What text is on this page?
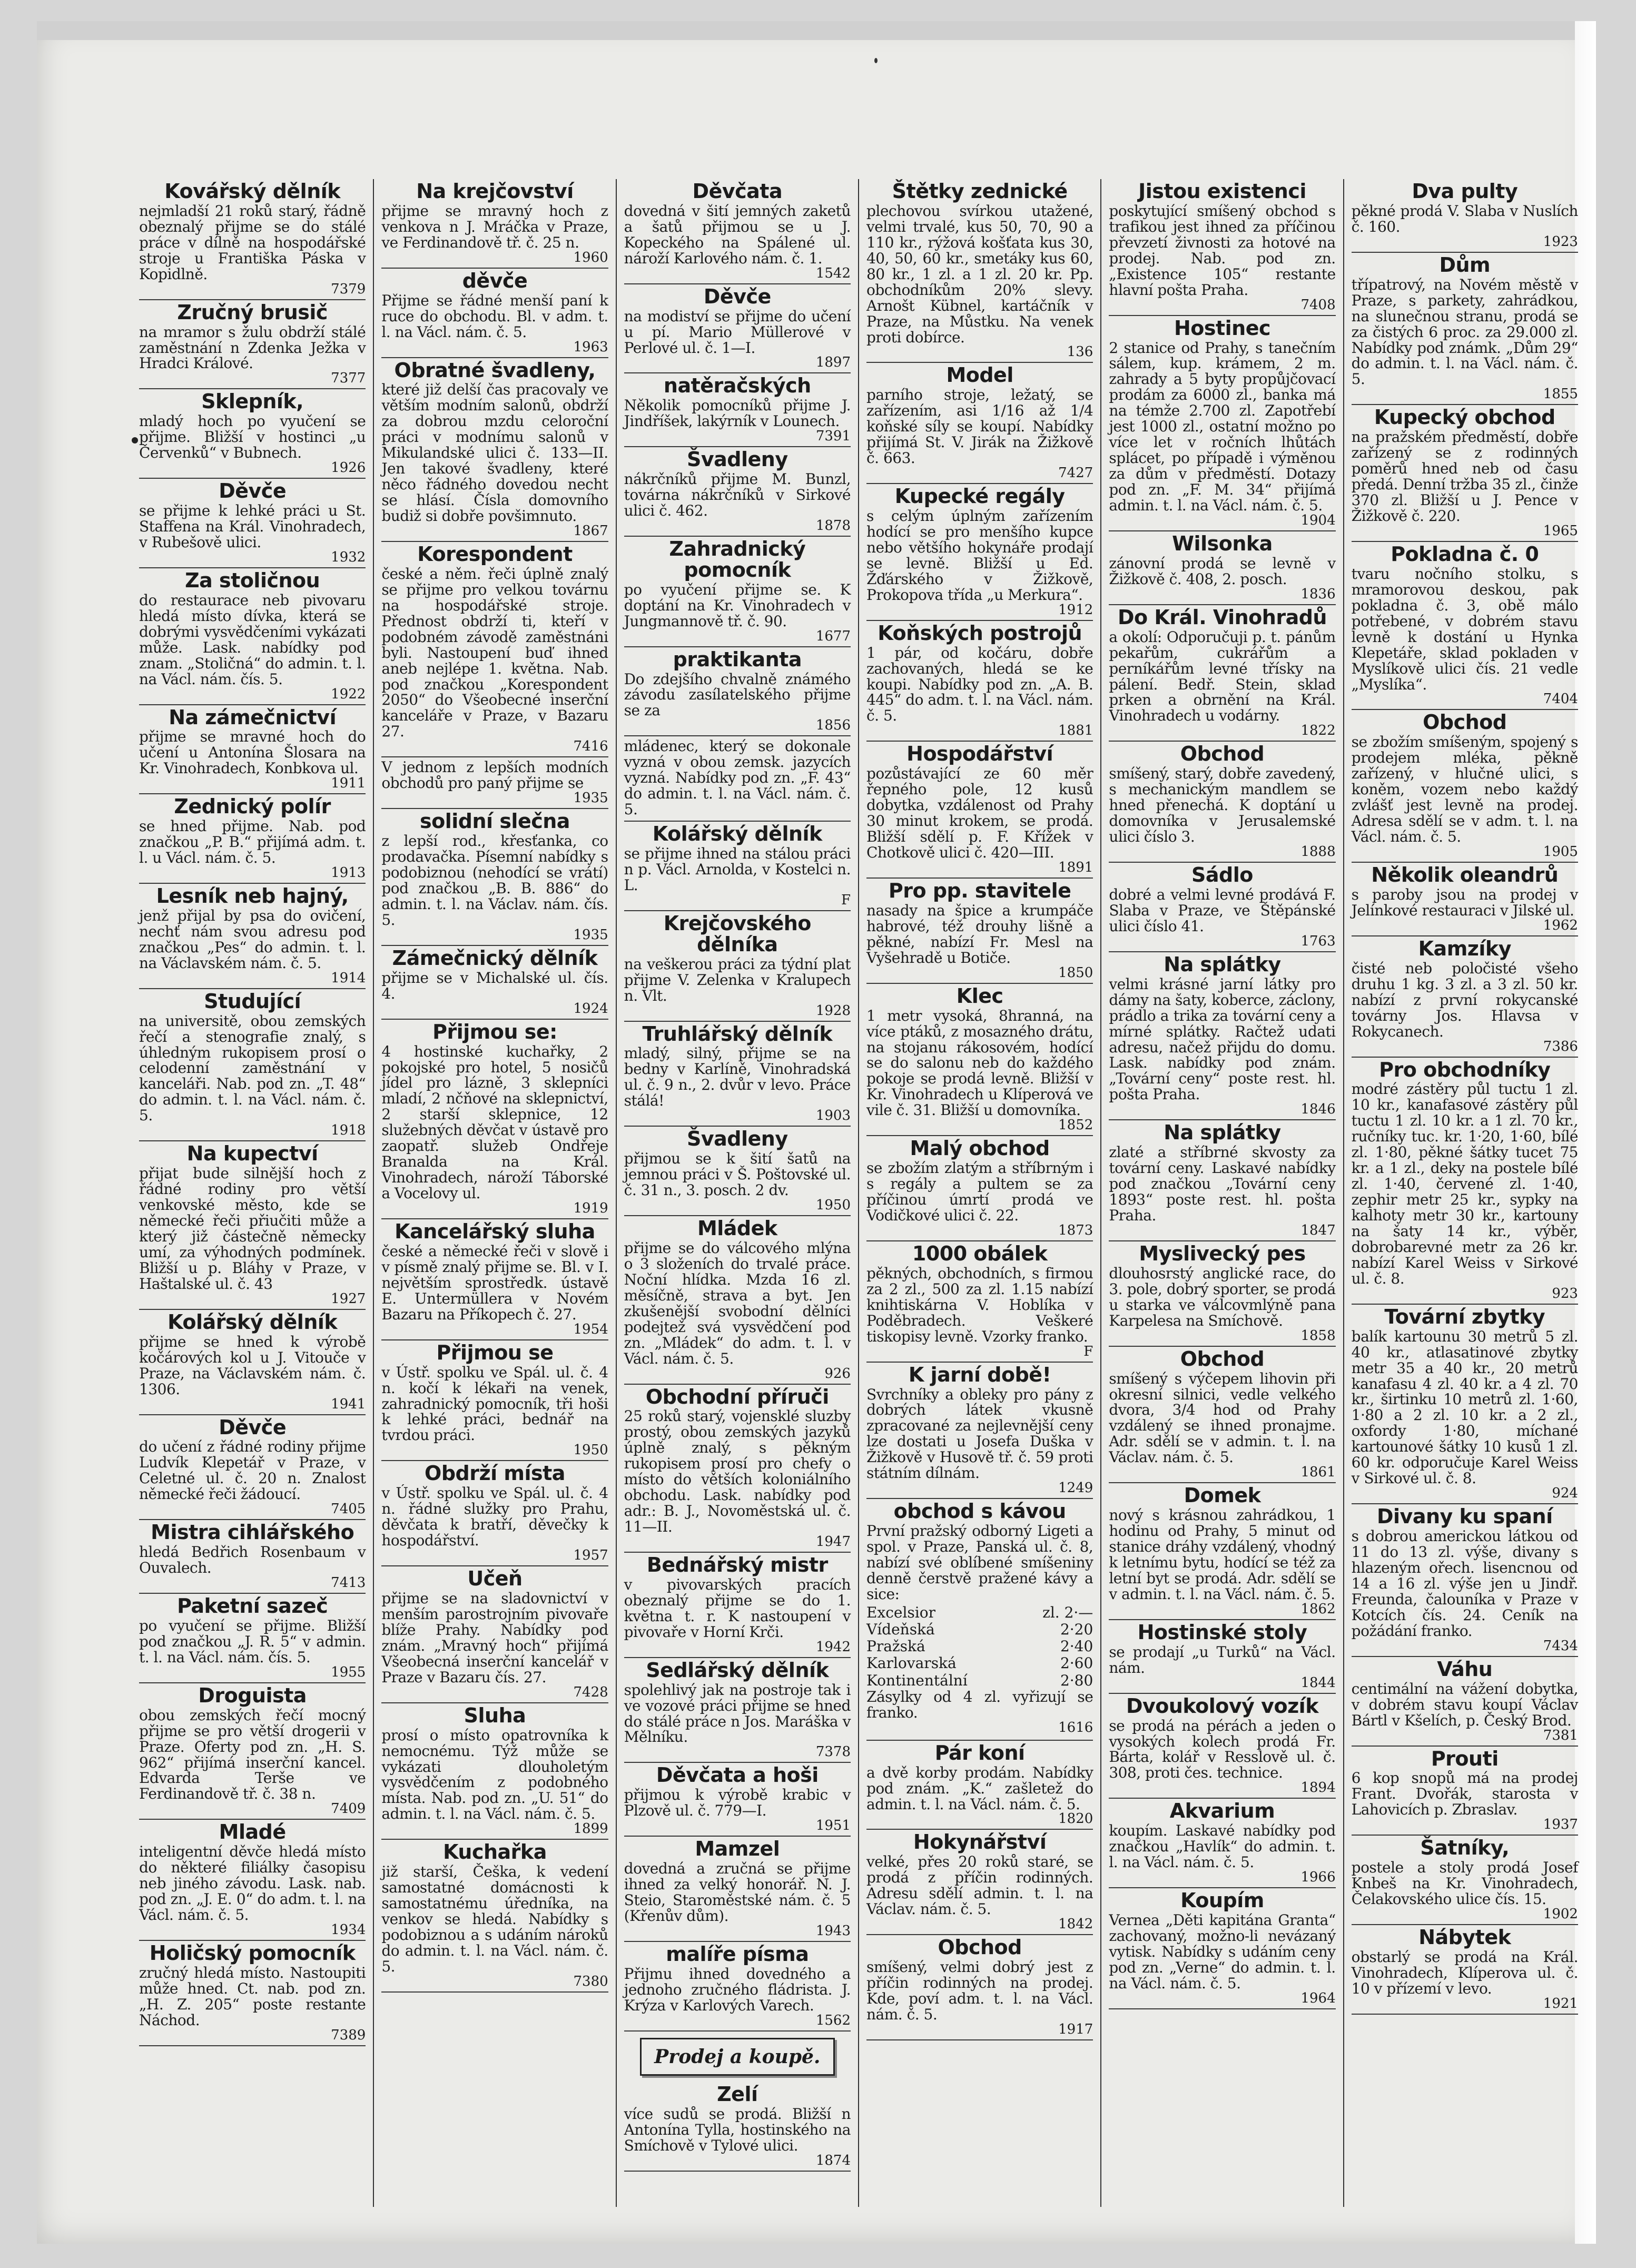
Kovářský dělník

nejmladší 21 roků starý, řádně obeznalý přijme se do stálé práce v dílně na hospodářské stroje u Františka Páska v Kopidlně.

7379
Zručný brusič

na mramor s žulu obdrží stálé zaměstnání n Zdenka Ježka v Hradci Králové.

7377
Sklepník,

mladý hoch po vyučení se přijme. Bližší v hostinci „u Červenků“ v Bubnech.

1926
Děvče

se přijme k lehké práci u St. Staffena na Král. Vinohradech, v Rubešově ulici.

1932
Za stoličnou

do restaurace neb pivovaru hledá místo dívka, která se dobrými vysvědčeními vykázati může. Lask. nabídky pod znam. „Stoličná“ do admin. t. l. na Václ. nám. čís. 5.

1922
Na zámečnictví

přijme se mravné hoch do učení u Antonína Šlosara na Kr. Vinohradech, Konbkova ul.

1911
Zednický polír

se hned přijme. Nab. pod značkou „P. B.“ přijímá adm. t. l. u Václ. nám. č. 5.

1913
Lesník neb hajný,

jenž přijal by psa do ovičení, nechť nám svou adresu pod značkou „Pes“ do admin. t. l. na Václavském nám. č. 5.

1914
Studující

na universitě, obou zemských řečí a stenografie znalý, s úhledným rukopisem prosí o celodenní zaměstnání v kanceláři. Nab. pod zn. „T. 48“ do admin. t. l. na Václ. nám. č. 5.

1918
Na kupectví

přijat bude silnější hoch z řádné rodiny pro větší venkovské město, kde se německé řeči přiučiti může a který již částečně německy umí, za výhodných podmínek. Bližší u p. Bláhy v Praze, v Haštalské ul. č. 43

1927
Kolářský dělník

přijme se hned k výrobě kočárových kol u J. Vitouče v Praze, na Václavském nám. č. 1306.

1941
Děvče

do učení z řádné rodiny přijme Ludvík Klepetář v Praze, v Celetné ul. č. 20 n. Znalost německé řeči žádoucí.

7405
Mistra cihlářského

hledá Bedřich Rosenbaum v Ouvalech.

7413
Paketní sazeč

po vyučení se přijme. Bližší pod značkou „J. R. 5“ v admin. t. l. na Václ. nám. čís. 5.

1955
Droguista

obou zemských řečí mocný přijme se pro větší drogerii v Praze. Oferty pod zn. „H. S. 962“ přijímá inserční kancel. Edvarda Terše ve Ferdinandově tř. č. 38 n.

7409
Mladé

inteligentní děvče hledá místo do některé filiálky časopisu neb jiného závodu. Lask. nab. pod zn. „J. E. 0“ do adm. t. l. na Václ. nám. č. 5.

1934
Holičský pomocník

zručný hledá místo. Nastoupiti může hned. Ct. nab. pod zn. „H. Z. 205“ poste restante Náchod.

7389
Na krejčovství

přijme se mravný hoch z venkova n J. Mráčka v Praze, ve Ferdinandově tř. č. 25 n.

1960
děvče

Přijme se řádné menší paní k ruce do obchodu. Bl. v adm. t. l. na Václ. nám. č. 5.

1963
Obratné švadleny,

které již delší čas pracovaly ve větším modním salonů, obdrží za dobrou mzdu celoroční práci v modnímu salonů v Mikulandské ulici č. 133—II. Jen takové švadleny, které něco řádného dovedou necht se hlásí. Čísla domovního budiž si dobře povšimnuto.

1867
Korespondent

české a něm. řeči úplně znalý se přijme pro velkou továrnu na hospodářské stroje. Přednost obdrží ti, kteří v podobném závodě zaměstnáni byli. Nastoupení buď ihned aneb nejlépe 1. května. Nab. pod značkou „Korespondent 2050“ do Všeobecné inserční kanceláře v Praze, v Bazaru 27.

7416

V jednom z lepších modních obchodů pro paný přijme se

1935
solidní slečna

z lepší rod., křesťanka, co prodavačka. Písemní nabídky s podobiznou (nehodící se vrátí) pod značkou „B. B. 886“ do admin. t. l. na Václav. nám. čís. 5.

1935
Zámečnický dělník

přijme se v Michalské ul. čís. 4.

1924
Přijmou se:

4 hostinské kuchařky, 2 pokojské pro hotel, 5 nosičů jídel pro lázně, 3 sklepníci mladí, 2 nčňové na sklepnictví, 2 starší sklepnice, 12 služebných děvčat v ústavě pro zaopatř. služeb Ondřeje Branalda na Král. Vinohradech, nároží Táborské a Vocelovy ul.

1919
Kancelářský sluha

české a německé řeči v slově i v písmě znalý přijme se. Bl. v I. největším sprostředk. ústavě E. Untermüllera v Novém Bazaru na Příkopech č. 27.

1954
Přijmou se

v Ústř. spolku ve Spál. ul. č. 4 n. kočí k lékaři na venek, zahradnický pomocník, tři hoši k lehké práci, bednář na tvrdou práci.

1950
Obdrží místa

v Ústř. spolku ve Spál. ul. č. 4 n. řádné služky pro Prahu, děvčata k bratří, děvečky k hospodářství.

1957
Učeň

přijme se na sladovnictví v menším parostrojním pivovaře blíže Prahy. Nabídky pod znám. „Mravný hoch“ přijímá Všeobecná inserční kancelář v Praze v Bazaru čís. 27.

7428
Sluha

prosí o místo opatrovníka k nemocnému. Týž může se vykázati dlouholetým vysvědčením z podobného místa. Nab. pod zn. „U. 51“ do admin. t. l. na Václ. nám. č. 5.

1899
Kuchařka

již starší, Češka, k vedení samostatné domácnosti k samostatnému úředníka, na venkov se hledá. Nabídky s podobiznou a s udáním nároků do admin. t. l. na Václ. nám. č. 5.

7380
Děvčata

dovedná v šití jemných zaketů a šatů přijmou se u J. Kopeckého na Spálené ul. nároží Karlového nám. č. 1.

1542
Děvče

na modiství se přijme do učení u pí. Mario Müllerové v Perlové ul. č. 1—I.

1897
natěračských

Několik pomocníků přijme J. Jindříšek, lakýrník v Lounech.

7391
Švadleny

nákrčníků přijme M. Bunzl, továrna nákrčníků v Sirkové ulici č. 462.

1878
Zahradnický pomocník

po vyučení přijme se. K doptání na Kr. Vinohradech v Jungmannově tř. č. 90.

1677
praktikanta

Do zdejšího chvalně známého závodu zasílatelského přijme se za

1856

mládenec, který se dokonale vyzná v obou zemsk. jazycích vyzná. Nabídky pod zn. „F. 43“ do admin. t. l. na Václ. nám. č. 5.

Kolářský dělník

se přijme ihned na stálou práci n p. Václ. Arnolda, v Kostelci n. L.

F
Krejčovského dělníka

na veškerou práci za týdní plat přijme V. Zelenka v Kralupech n. Vlt.

1928
Truhlářský dělník

mladý, silný, přijme se na bedny v Karlíně, Vinohradská ul. č. 9 n., 2. dvůr v levo. Práce stálá!

1903
Švadleny

přijmou se k šití šatů na jemnou práci v Š. Poštovské ul. č. 31 n., 3. posch. 2 dv.

1950
Mládek

přijme se do válcového mlýna o 3 složeních do trvalé práce. Noční hlídka. Mzda 16 zl. měsíčně, strava a byt. Jen zkušenější svobodní dělníci podejtež svá vysvědčení pod zn. „Mládek“ do adm. t. l. v Václ. nám. č. 5.

926
Obchodní příruči

25 roků starý, vojensklé sluzby prostý, obou zemských jazyků úplně znalý, s pěkným rukopisem prosí pro chefy o místo do větších koloniálního obchodu. Lask. nabídky pod adr.: B. J., Novoměstská ul. č. 11—II.

1947
Bednářský mistr

v pivovarských pracích obeznalý přijme se do 1. května t. r. K nastoupení v pivovaře v Horní Krči.

1942
Sedlářský dělník

spolehlivý jak na postroje tak i ve vozové práci přijme se hned do stálé práce n Jos. Maráška v Mělníku.

7378
Děvčata a hoši

přijmou k výrobě krabic v Plzově ul. č. 779—I.

1951
Mamzel

dovedná a zručná se přijme ihned za velký honorář. N. J. Steio, Staroměstské nám. č. 5 (Křenův dům).

1943
malíře písma

Přijmu ihned dovedného a jednoho zručného fládrista. J. Krýza v Karlových Varech.

1562
Prodej a koupě.
Zelí

více sudů se prodá. Bližší n Antonína Tylla, hostinského na Smíchově v Tylové ulici.

1874
Štětky zednické

plechovou svírkou utažené, velmi trvalé, kus 50, 70, 90 a 110 kr., rýžová košťata kus 30, 40, 50, 60 kr., smetáky kus 60, 80 kr., 1 zl. a 1 zl. 20 kr. Pp. obchodníkům 20% slevy. Arnošt Kübnel, kartáčník v Praze, na Můstku. Na venek proti dobírce.

136
Model

parního stroje, ležatý, se zařízením, asi 1/16 až 1/4 koňské síly se koupí. Nabídky přijímá St. V. Jirák na Žižkově č. 663.

7427
Kupecké regály

s celým úplným zařízením hodící se pro menšího kupce nebo většího hokynáře prodají se levně. Bližší u Ed. Žďárského v Žižkově, Prokopova třída „u Merkura“.

1912
Koňských postrojů

1 pár, od kočáru, dobře zachovaných, hledá se ke koupi. Nabídky pod zn. „A. B. 445“ do adm. t. l. na Václ. nám. č. 5.

1881
Hospodářství

pozůstávající ze 60 měr řepného pole, 12 kusů dobytka, vzdálenost od Prahy 30 minut krokem, se prodá. Bližší sdělí p. F. Křížek v Chotkově ulici č. 420—III.

1891
Pro pp. stavitele

nasady na špice a krumpáče habrové, též drouhy lišně a pěkné, nabízí Fr. Mesl na Vyšehradě u Botiče.

1850
Klec

1 metr vysoká, 8hranná, na více ptáků, z mosazného drátu, na stojanu rákosovém, hodící se do salonu neb do každého pokoje se prodá levně. Bližší v Kr. Vinohradech u Klíperová ve vile č. 31. Bližší u domovníka.

1852
Malý obchod

se zbožím zlatým a stříbrným i s regály a pultem se za příčinou úmrtí prodá ve Vodičkové ulici č. 22.

1873
1000 obálek

pěkných, obchodních, s firmou za 2 zl., 500 za zl. 1.15 nabízí knihtiskárna V. Hoblíka v Poděbradech. Veškeré tiskopisy levně. Vzorky franko.

F
K jarní době!

Svrchníky a obleky pro pány z dobrých látek vkusně zpracované za nejlevnější ceny lze dostati u Josefa Duška v Žižkově v Husově tř. č. 59 proti státním dílnám.

1249
obchod s kávou

První pražský odborný Ligeti a spol. v Praze, Panská ul. č. 8, nabízí své oblíbené smíšeniny denně čerstvě pražené kávy a sice:

Excelsior	zl. 2·—
Vídeňská	2·20
Pražská	2·40
Karlovarská	2·60
Kontinentální	2·80

Zásylky od 4 zl. vyřizují se franko.

1616
Pár koní

a dvě korby prodám. Nabídky pod znám. „K.“ zašletež do admin. t. l. na Václ. nám. č. 5.

1820
Hokynářství

velké, přes 20 roků staré, se prodá z příčin rodinných. Adresu sdělí admin. t. l. na Václav. nám. č. 5.

1842
Obchod

smíšený, velmi dobrý jest z příčin rodinných na prodej. Kde, poví adm. t. l. na Václ. nám. č. 5.

1917
Jistou existenci

poskytující smíšený obchod s trafikou jest ihned za příčinou převzetí živnosti za hotové na prodej. Nab. pod zn. „Existence 105“ restante hlavní pošta Praha.

7408
Hostinec

2 stanice od Prahy, s tanečním sálem, kup. krámem, 2 m. zahrady a 5 byty propůjčovací prodám za 6000 zl., banka má na témže 2.700 zl. Zapotřebí jest 1000 zl., ostatní možno po více let v ročních lhůtách splácet, po případě i výměnou za dům v předměstí. Dotazy pod zn. „F. M. 34“ přijímá admin. t. l. na Václ. nám. č. 5.

1904
Wilsonka

zánovní prodá se levně v Žižkově č. 408, 2. posch.

1836
Do Král. Vinohradů

a okolí: Odporučuji p. t. pánům pekařům, cukrářům a perníkářům levné třísky na pálení. Bedř. Stein, sklad prken a obrnění na Král. Vinohradech u vodárny.

1822
Obchod

smíšený, starý, dobře zavedený, s mechanickým mandlem se hned přenechá. K doptání u domovníka v Jerusalemské ulici číslo 3.

1888
Sádlo

dobré a velmi levné prodává F. Slaba v Praze, ve Štěpánské ulici číslo 41.

1763
Na splátky

velmi krásné jarní látky pro dámy na šaty, koberce, záclony, prádlo a trika za tovární ceny a mírné splátky. Račtež udati adresu, načež přijdu do domu. Lask. nabídky pod znám. „Tovární ceny“ poste rest. hl. pošta Praha.

1846
Na splátky

zlaté a stříbrné skvosty za tovární ceny. Laskavé nabídky pod značkou „Tovární ceny 1893“ poste rest. hl. pošta Praha.

1847
Myslivecký pes

dlouhosrstý anglické race, do 3. pole, dobrý sporter, se prodá u starka ve válcovmlýně pana Karpelesa na Smíchově.

1858
Obchod

smíšený s výčepem lihovin při okresní silnici, vedle velkého dvora, 3/4 hod od Prahy vzdálený se ihned pronajme. Adr. sdělí se v admin. t. l. na Václav. nám. č. 5.

1861
Domek

nový s krásnou zahrádkou, 1 hodinu od Prahy, 5 minut od stanice dráhy vzdálený, vhodný k letnímu bytu, hodící se též za letní byt se prodá. Adr. sdělí se v admin. t. l. na Václ. nám. č. 5.

1862
Hostinské stoly

se prodají „u Turků“ na Václ. nám.

1844
Dvoukolový vozík

se prodá na pérách a jeden o vysokých kolech prodá Fr. Bárta, kolář v Resslově ul. č. 308, proti čes. technice.

1894
Akvarium

koupím. Laskavé nabídky pod značkou „Havlík“ do admin. t. l. na Václ. nám. č. 5.

1966
Koupím

Vernea „Děti kapitána Granta“ zachovaný, možno-li nevázaný vytisk. Nabídky s udáním ceny pod zn. „Verne“ do admin. t. l. na Václ. nám. č. 5.

1964
Dva pulty

pěkné prodá V. Slaba v Nuslích č. 160.

1923
Dům

třípatrový, na Novém městě v Praze, s parkety, zahrádkou, na slunečnou stranu, prodá se za čistých 6 proc. za 29.000 zl. Nabídky pod známk. „Dům 29“ do admin. t. l. na Václ. nám. č. 5.

1855
Kupecký obchod

na pražském předměstí, dobře zařízený se z rodinných poměrů hned neb od času předá. Denní tržba 35 zl., činže 370 zl. Bližší u J. Pence v Žižkově č. 220.

1965
Pokladna č. 0

tvaru nočního stolku, s mramorovou deskou, pak pokladna č. 3, obě málo potřebené, v dobrém stavu levně k dostání u Hynka Klepetáře, sklad pokladen v Myslíkově ulici čís. 21 vedle „Myslíka“.

7404
Obchod

se zbožím smíšeným, spojený s prodejem mléka, pěkně zařízený, v hlučné ulici, s koněm, vozem nebo každý zvlášť jest levně na prodej. Adresa sdělí se v adm. t. l. na Václ. nám. č. 5.

1905
Několik oleandrů

s paroby jsou na prodej v Jelínkové restauraci v Jilské ul.

1962
Kamzíky

čisté neb poločisté všeho druhu 1 kg. 3 zl. a 3 zl. 50 kr. nabízí z první rokycanské továrny Jos. Hlavsa v Rokycanech.

7386
Pro obchodníky

modré zástěry půl tuctu 1 zl. 10 kr., kanafasové zástěry půl tuctu 1 zl. 10 kr. a 1 zl. 70 kr., ručníky tuc. kr. 1·20, 1·60, bílé zl. 1·80, pěkné šátky tucet 75 kr. a 1 zl., deky na postele bílé zl. 1·40, červené zl. 1·40, zephir metr 25 kr., sypky na kalhoty metr 30 kr., kartouny na šaty 14 kr., výběr, dobrobarevné metr za 26 kr. nabízí Karel Weiss v Sirkové ul. č. 8.

923
Tovární zbytky

balík kartounu 30 metrů 5 zl. 40 kr., atlasatinové zbytky metr 35 a 40 kr., 20 metrů kanafasu 4 zl. 40 kr. a 4 zl. 70 kr., širtinku 10 metrů zl. 1·60, 1·80 a 2 zl. 10 kr. a 2 zl., oxfordy 1·80, míchané kartounové šátky 10 kusů 1 zl. 60 kr. odporučuje Karel Weiss v Sirkové ul. č. 8.

924
Divany ku spaní

s dobrou americkou látkou od 11 do 13 zl. výše, divany s hlazeným ořech. lisencnou od 14 a 16 zl. výše jen u Jindř. Freunda, čalouníka v Praze v Kotcích čís. 24. Ceník na požádání franko.

7434
Váhu

centimální na vážení dobytka, v dobrém stavu koupí Václav Bártl v Kšelích, p. Český Brod.

7381
Prouti

6 kop snopů má na prodej Frant. Dvořák, starosta v Lahovicích p. Zbraslav.

1937
Šatníky,

postele a stoly prodá Josef Knbeš na Kr. Vinohradech, Čelakovského ulice čís. 15.

1902
Nábytek

obstarlý se prodá na Král. Vinohradech, Klíperova ul. č. 10 v přízemí v levo.

1921
